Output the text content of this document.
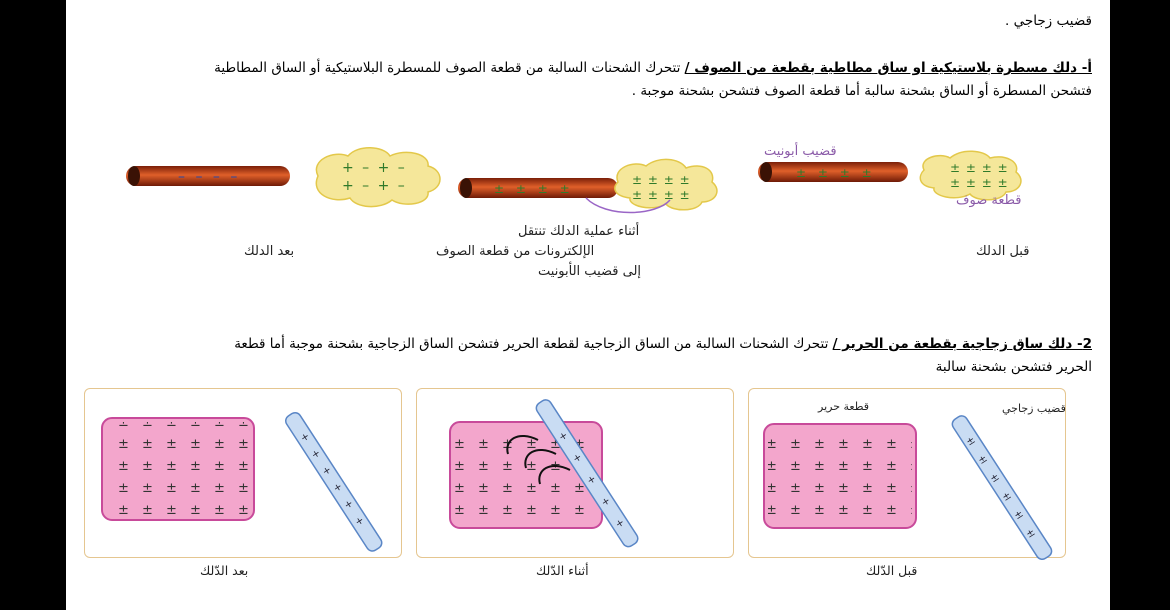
قضيب زجاجي .
أ- دلك مسطرة بلاستيكية او ساق مطاطية بقطعة من الصوف / تتحرك الشحنات السالبة من قطعة الصوف للمسطرة البلاستيكية أو الساق المطاطية
فتشحن المسطرة أو الساق بشحنة سالبة أما قطعة الصوف فتشحن بشحنة موجبة .
– – – –
+ – + –
+ – + –	± ± ± ±
± ± ± ±
± ± ± ±
± ± ± ±	± ± ± ±
± ± ± ±
قضيب أبونيت
قطعة صوف
أثناء عملية الدلك تنتقل
الإلكترونات من قطعة الصوف
إلى قضيب الأبونيت
بعد الدلك	قبل الدلك
2- دلك ساق زجاجية بقطعة من الحرير / تتحرك الشحنات السالبة من الساق الزجاجية لقطعة الحرير فتشحن الساق الزجاجية بشحنة موجبة أما قطعة
الحرير فتشحن بشحنة سالبة
+
+
+
+
+
+
+
+
+
+
+
±
±
±
±
±
±
قطعة حرير	قضيب زجاجي
بعد الدّلك	أثناء الدّلك	قبل الدّلك
